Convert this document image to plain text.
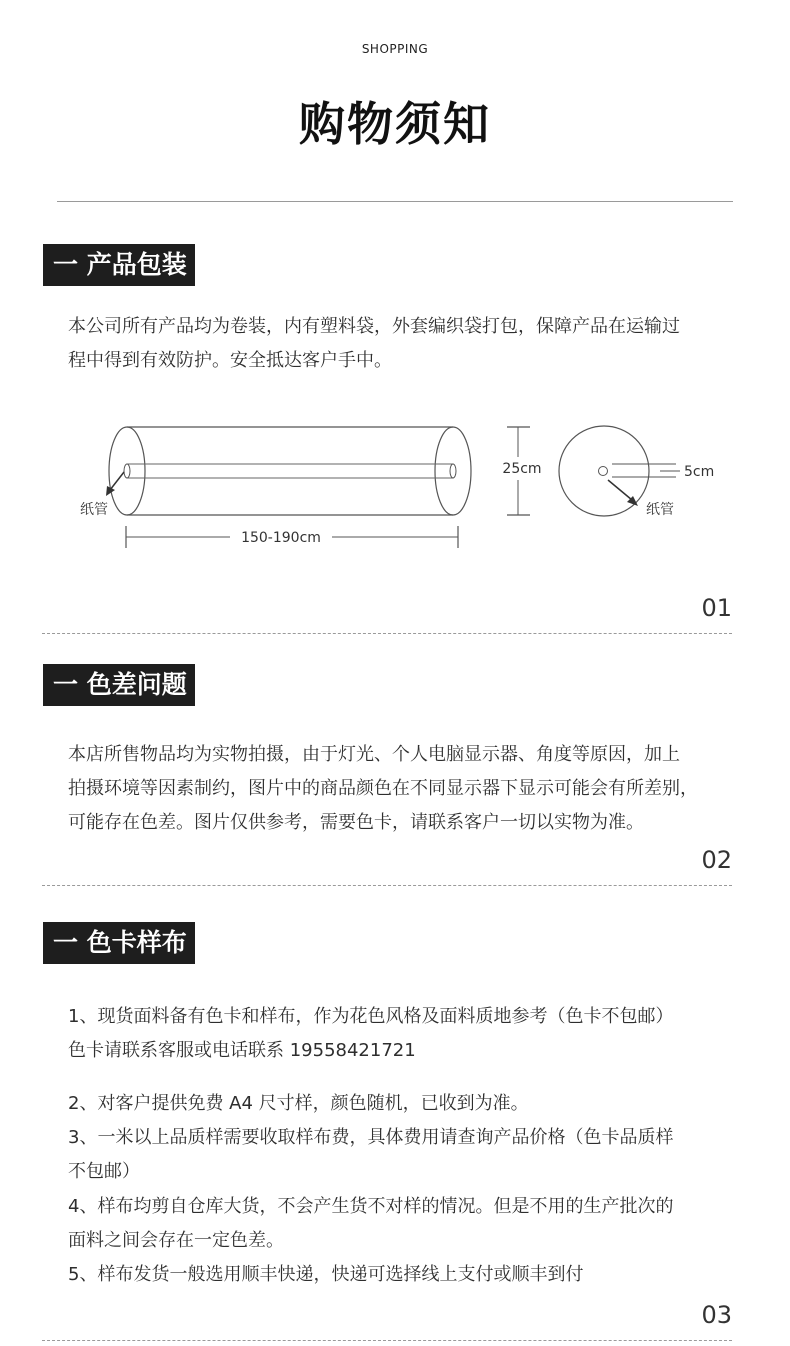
SHOPPING
购物须知
一 产品包装
本公司所有产品均为卷装，内有塑料袋，外套编织袋打包，保障产品在运输过
程中得到有效防护。安全抵达客户手中。
纸管
150-190cm
25cm	5cm
纸管
01
一 色差问题
本店所售物品均为实物拍摄，由于灯光、个人电脑显示器、角度等原因，加上
拍摄环境等因素制约，图片中的商品颜色在不同显示器下显示可能会有所差别，
可能存在色差。图片仅供参考，需要色卡，请联系客户一切以实物为准。
02
一 色卡样布
1、现货面料备有色卡和样布，作为花色风格及面料质地参考（色卡不包邮）
色卡请联系客服或电话联系 19558421721
2、对客户提供免费 A4 尺寸样，颜色随机，已收到为准。
3、一米以上品质样需要收取样布费，具体费用请查询产品价格（色卡品质样
不包邮）
4、样布均剪自仓库大货，不会产生货不对样的情况。但是不用的生产批次的
面料之间会存在一定色差。
5、样布发货一般选用顺丰快递，快递可选择线上支付或顺丰到付
03
